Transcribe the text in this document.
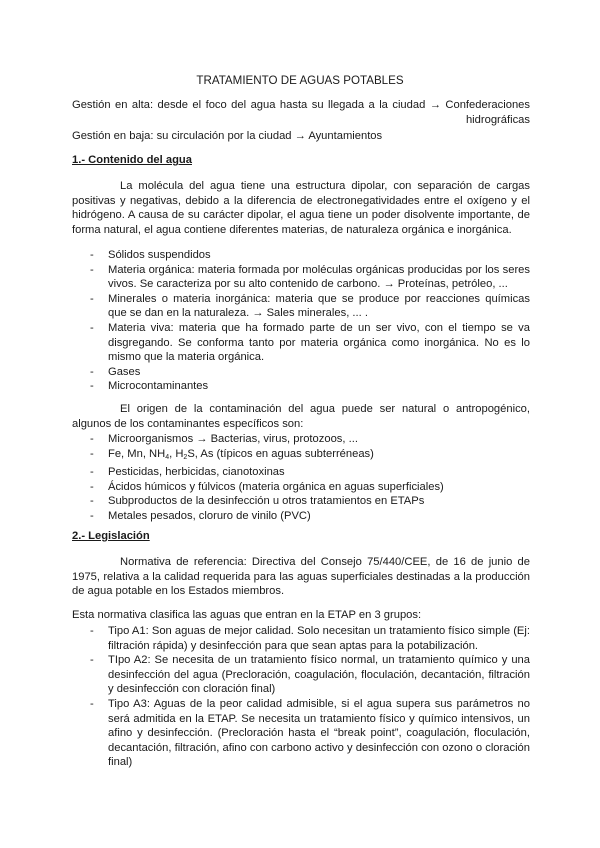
TRATAMIENTO DE AGUAS POTABLES
Gestión en alta: desde el foco del agua hasta su llegada a la ciudad → Confederaciones
hidrográficas
Gestión en baja: su circulación por la ciudad → Ayuntamientos
1.- Contenido del agua
La molécula del agua tiene una estructura dipolar, con separación de cargas positivas y negativas, debido a la diferencia de electronegatividades entre el oxígeno y el hidrógeno. A causa de su carácter dipolar, el agua tiene un poder disolvente importante, de forma natural, el agua contiene diferentes materias, de naturaleza orgánica e inorgánica.
- Sólidos suspendidos
- Materia orgánica: materia formada por moléculas orgánicas producidas por los seres vivos. Se caracteriza por su alto contenido de carbono. → Proteínas, petróleo, ...
- Minerales o materia inorgánica: materia que se produce por reacciones químicas que se dan en la naturaleza. → Sales minerales, ... .
- Materia viva: materia que ha formado parte de un ser vivo, con el tiempo se va disgregando. Se conforma tanto por materia orgánica como inorgánica. No es lo mismo que la materia orgánica.
- Gases
- Microcontaminantes
El origen de la contaminación del agua puede ser natural o antropogénico, algunos de los contaminantes específicos son:
- Microorganismos → Bacterias, virus, protozoos, ...
- Fe, Mn, $NH_4$, $H_2S$, As (típicos en aguas subterréneas)
- Pesticidas, herbicidas, cianotoxinas
- Ácidos húmicos y fúlvicos (materia orgánica en aguas superficiales)
- Subproductos de la desinfección u otros tratamientos en ETAPs
- Metales pesados, cloruro de vinilo (PVC)
2.- Legislación
Normativa de referencia: Directiva del Consejo 75/440/CEE, de 16 de junio de 1975, relativa a la calidad requerida para las aguas superficiales destinadas a la producción de agua potable en los Estados miembros.
Esta normativa clasifica las aguas que entran en la ETAP en 3 grupos:
- Tipo A1: Son aguas de mejor calidad. Solo necesitan un tratamiento físico simple (Ej: filtración rápida) y desinfección para que sean aptas para la potabilización.
- TIpo A2: Se necesita de un tratamiento físico normal, un tratamiento químico y una desinfección del agua (Precloración, coagulación, floculación, decantación, filtración y desinfección con cloración final)
- Tipo A3: Aguas de la peor calidad admisible, si el agua supera sus parámetros no será admitida en la ETAP. Se necesita un tratamiento físico y químico intensivos, un afino y desinfección. (Precloración hasta el “break point”, coagulación, floculación, decantación, filtración, afino con carbono activo y desinfección con ozono o cloración final)
